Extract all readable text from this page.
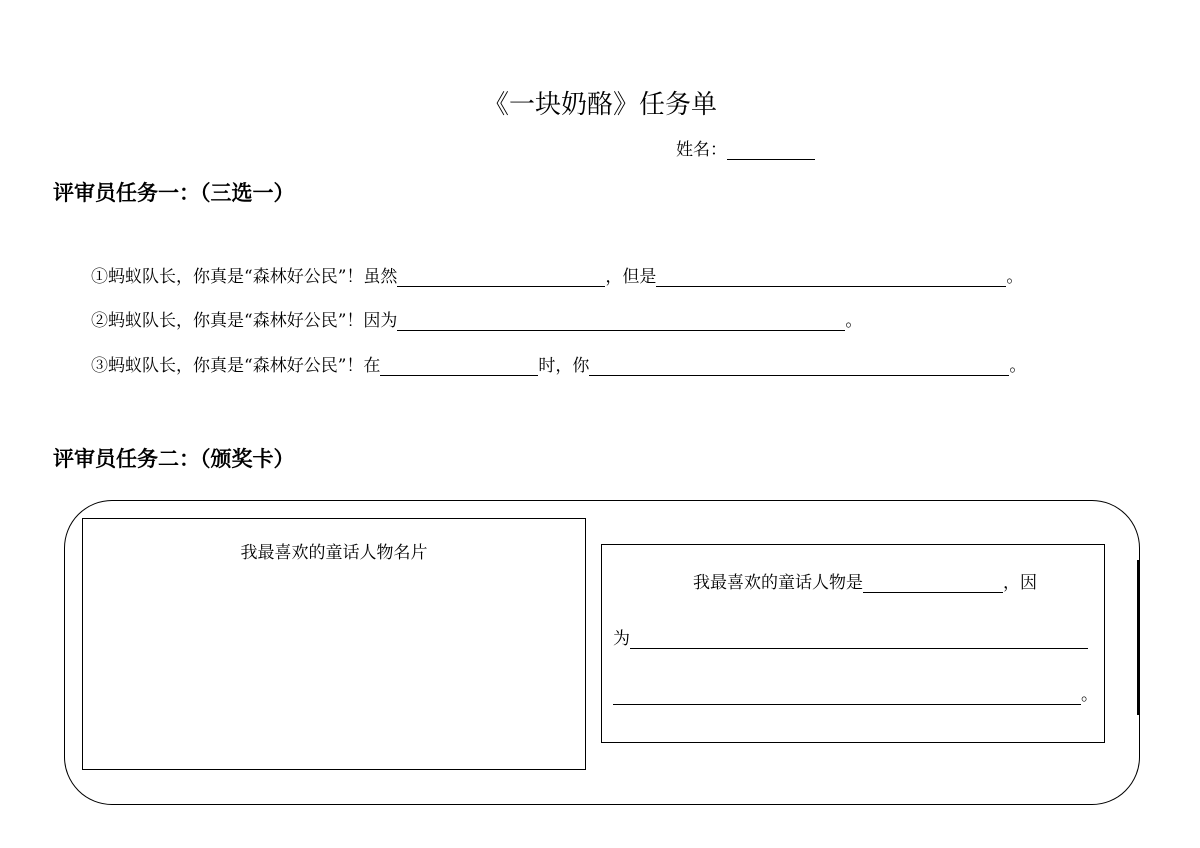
《一块奶酪》任务单
姓名：
评审员任务一：（三选一）
①蚂蚁队长，你真是“森林好公民”！虽然	，但是	。
②蚂蚁队长，你真是“森林好公民”！因为	。
③蚂蚁队长，你真是“森林好公民”！在	时，你	。
评审员任务二：（颁奖卡）
我最喜欢的童话人物名片
我最喜欢的童话人物是	，因
为
。
